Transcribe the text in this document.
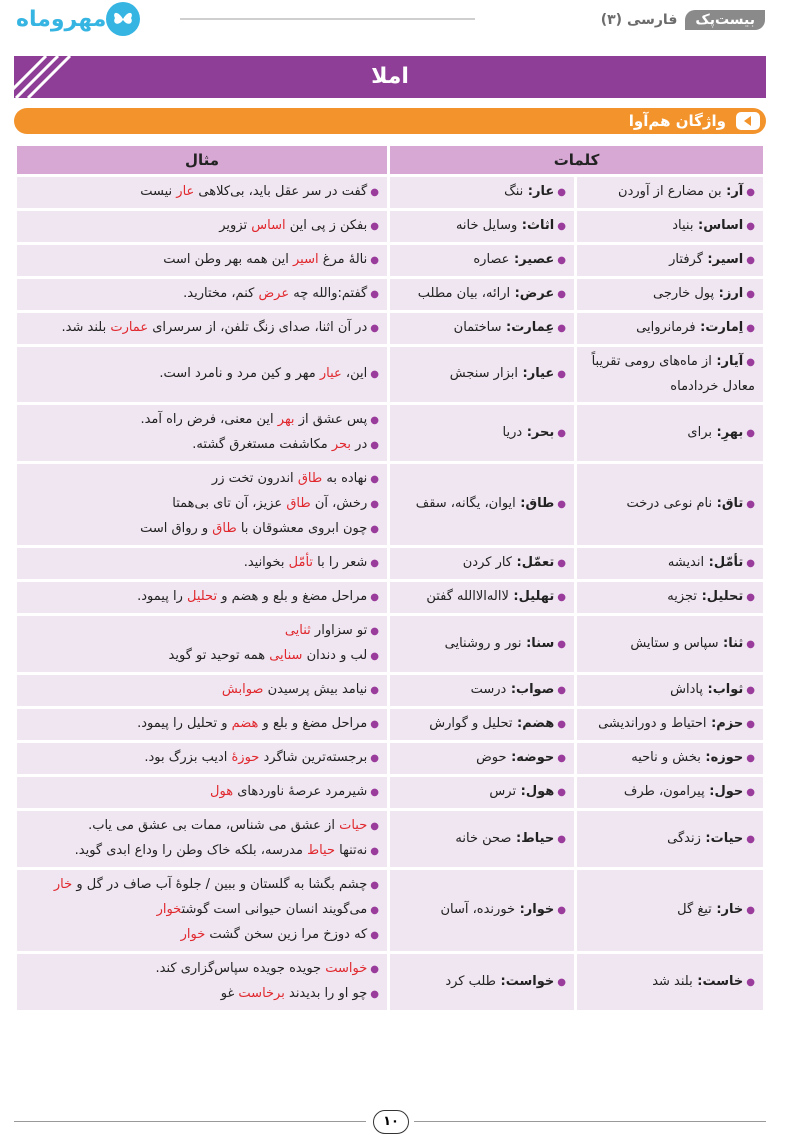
مهروماه	بیست‌پک
فارسی (۳)
املا
واژگان هم‌آوا
کلمات		مثال
●آر: بن مضارع از آوردن	●عار: ننگ	●گفت در سر عقل باید، بی‌کلاهی عار نیست

●اساس: بنیاد	●اثاث: وسایل خانه	●بفکن ز پی این اساس تزویر

●اسیر: گرفتار	●عصیر: عصاره	●نالهٔ مرغ اسیر این همه بهر وطن است

●ارز: پول خارجی	●عرض: ارائه، بیان مطلب	●گفتم:والله چه عرض کنم، مختارید.

●اِمارت: فرمانروایی	●عِمارت: ساختمان	●در آن اثنا، صدای زنگ تلفن، از سرسرای عمارت بلند شد.

●آیار: از ماه‌های رومی تقریباً معادل خردادماه	●عیار: ابزار سنجش	●این، عیار مهر و کین مرد و نامرد است.

●بهرِ: برای	●بحر: دریا	●پس عشق از بهر این معنی، فرض راه آمد.
●در بحر مکاشفت مستغرق گشته.

●تاق: نام نوعی درخت	●طاق: ایوان، یگانه، سقف	●نهاده به طاق اندرون تخت زر
●رخش، آن طاق عزیز، آن تای بی‌همتا
●چون ابروی معشوقان با طاق و رواق است

●تأمّل: اندیشه	●تعمّل: کار کردن	●شعر را با تأمّل بخوانید.

●تحلیل: تجزیه	●تهلیل: لااله‌الاالله گفتن	●مراحل مضغ و بلع و هضم و تحلیل را پیمود.

●ثنا: سپاس و ستایش	●سنا: نور و روشنایی	●تو سزاوار ثنایی
●لب و دندان سنایی همه توحید تو گوید

●ثواب: پاداش	●صواب: درست	●نیامد بیش پرسیدن صوابش

●حزم: احتیاط و دوراندیشی	●هضم: تحلیل و گوارش	●مراحل مضغ و بلع و هضم و تحلیل را پیمود.

●حوزه: بخش و ناحیه	●حوضه: حوض	●برجسته‌ترین شاگرد حوزهٔ ادیب بزرگ بود.

●حول: پیرامون، طرف	●هول: ترس	●شیرمرد عرصهٔ ناوردهای هول

●حیات: زندگی	●حیاط: صحن خانه	●حیات از عشق می شناس، ممات بی عشق می یاب.
●نه‌تنها حیاط مدرسه، بلکه خاک وطن را وداع ابدی گوید.

●خار: تیغ گل	●خوار: خورنده، آسان	●چشم بگشا به گلستان و ببین / جلوهٔ آب صاف در گل و خار
●می‌گویند انسان حیوانی است گوشتخوار
●که دوزخ مرا زین سخن گشت خوار

●خاست: بلند شد	●خواست: طلب کرد	●خواست جویده جویده سپاس‌گزاری کند.
●چو او را بدیدند برخاست غو
۱۰
